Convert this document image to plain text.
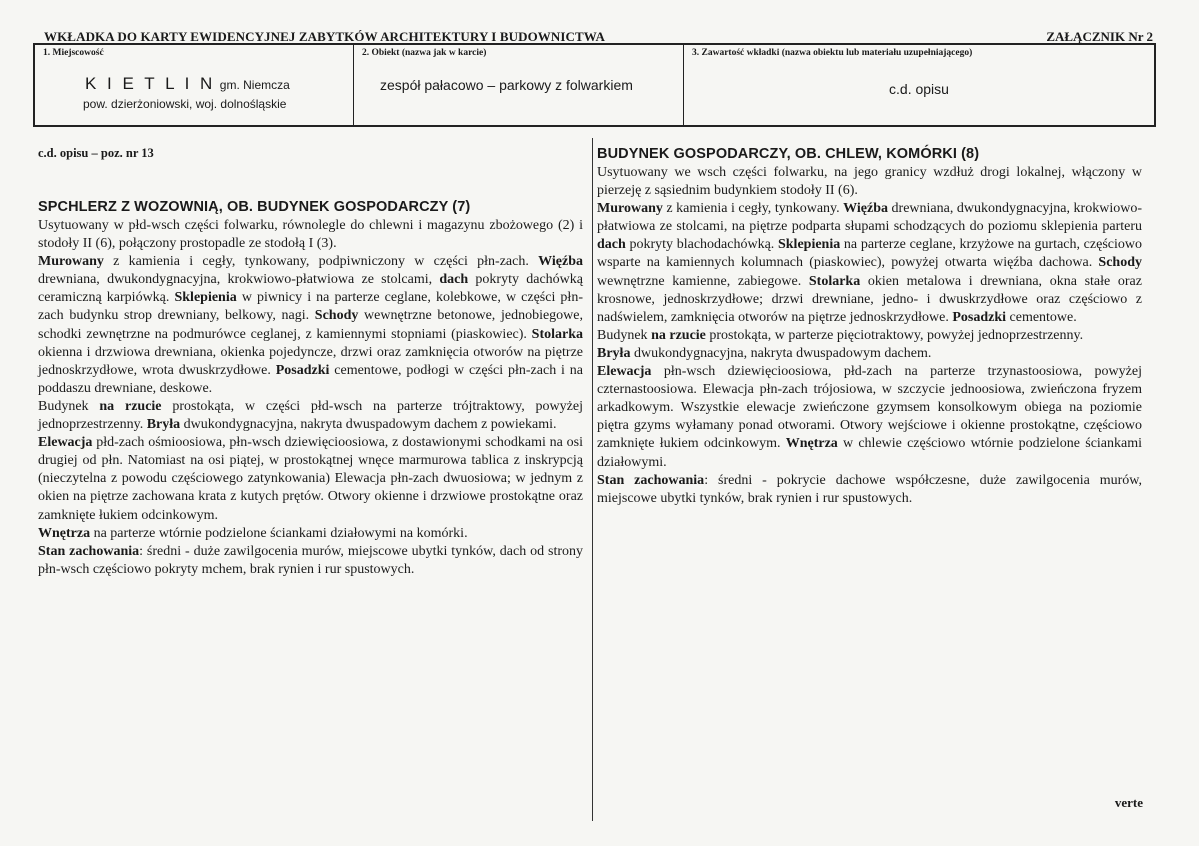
WKŁADKA DO KARTY EWIDENCYJNEJ ZABYTKÓW ARCHITEKTURY I BUDOWNICTWA	ZAŁĄCZNIK Nr 2
1. Miejscowość
K I E T L I N gm. Niemcza
pow. dzierżoniowski, woj. dolnośląskie
2. Obiekt (nazwa jak w karcie)
zespół pałacowo – parkowy z folwarkiem
3. Zawartość wkładki (nazwa obiektu lub materiału uzupełniającego)
c.d. opisu
c.d. opisu – poz. nr 13
SPCHLERZ Z WOZOWNIĄ, OB. BUDYNEK GOSPODARCZY (7)
Usytuowany w płd-wsch części folwarku, równolegle do chlewni i magazynu zbożowego (2) i stodoły II (6), połączony prostopadle ze stodołą I (3).
Murowany z kamienia i cegły, tynkowany, podpiwniczony w części płn-zach. Więźba drewniana, dwukondygnacyjna, krokwiowo-płatwiowa ze stolcami, dach pokryty dachówką ceramiczną karpiówką. Sklepienia w piwnicy i na parterze ceglane, kolebkowe, w części płn-zach budynku strop drewniany, belkowy, nagi. Schody wewnętrzne betonowe, jednobiegowe, schodki zewnętrzne na podmurówce ceglanej, z kamiennymi stopniami (piaskowiec). Stolarka okienna i drzwiowa drewniana, okienka pojedyncze, drzwi oraz zamknięcia otworów na piętrze jednoskrzydłowe, wrota dwuskrzydłowe. Posadzki cementowe, podłogi w części płn-zach i na poddaszu drewniane, deskowe.
Budynek na rzucie prostokąta, w części płd-wsch na parterze trójtraktowy, powyżej jednoprzestrzenny. Bryła dwukondygnacyjna, nakryta dwuspadowym dachem z powiekami.
Elewacja płd-zach ośmioosiowa, płn-wsch dziewięcioosiowa, z dostawionymi schodkami na osi drugiej od płn. Natomiast na osi piątej, w prostokątnej wnęce marmurowa tablica z inskrypcją (nieczytelna z powodu częściowego zatynkowania) Elewacja płn-zach dwuosiowa; w jednym z okien na piętrze zachowana krata z kutych prętów. Otwory okienne i drzwiowe prostokątne oraz zamknięte łukiem odcinkowym.
Wnętrza na parterze wtórnie podzielone ściankami działowymi na komórki.
Stan zachowania: średni - duże zawilgocenia murów, miejscowe ubytki tynków, dach od strony płn-wsch częściowo pokryty mchem, brak rynien i rur spustowych.
BUDYNEK GOSPODARCZY, OB. CHLEW, KOMÓRKI (8)
Usytuowany we wsch części folwarku, na jego granicy wzdłuż drogi lokalnej, włączony w pierzeję z sąsiednim budynkiem stodoły II (6).
Murowany z kamienia i cegły, tynkowany. Więźba drewniana, dwukondygnacyjna, krokwiowo-płatwiowa ze stolcami, na piętrze podparta słupami schodzących do poziomu sklepienia parteru dach pokryty blachodachówką. Sklepienia na parterze ceglane, krzyżowe na gurtach, częściowo wsparte na kamiennych kolumnach (piaskowiec), powyżej otwarta więźba dachowa. Schody wewnętrzne kamienne, zabiegowe. Stolarka okien metalowa i drewniana, okna stałe oraz krosnowe, jednoskrzydłowe; drzwi drewniane, jedno- i dwuskrzydłowe oraz częściowo z nadświelem, zamknięcia otworów na piętrze jednoskrzydłowe. Posadzki cementowe.
Budynek na rzucie prostokąta, w parterze pięciotraktowy, powyżej jednoprzestrzenny.
Bryła dwukondygnacyjna, nakryta dwuspadowym dachem.
Elewacja płn-wsch dziewięcioosiowa, płd-zach na parterze trzynastoosiowa, powyżej czternastoosiowa. Elewacja płn-zach trójosiowa, w szczycie jednoosiowa, zwieńczona fryzem arkadkowym. Wszystkie elewacje zwieńczone gzymsem konsolkowym obiega na poziomie piętra gzyms wyłamany ponad otworami. Otwory wejściowe i okienne prostokątne, częściowo zamknięte łukiem odcinkowym. Wnętrza w chlewie częściowo wtórnie podzielone ściankami działowymi.
Stan zachowania: średni - pokrycie dachowe współczesne, duże zawilgocenia murów, miejscowe ubytki tynków, brak rynien i rur spustowych.
verte
